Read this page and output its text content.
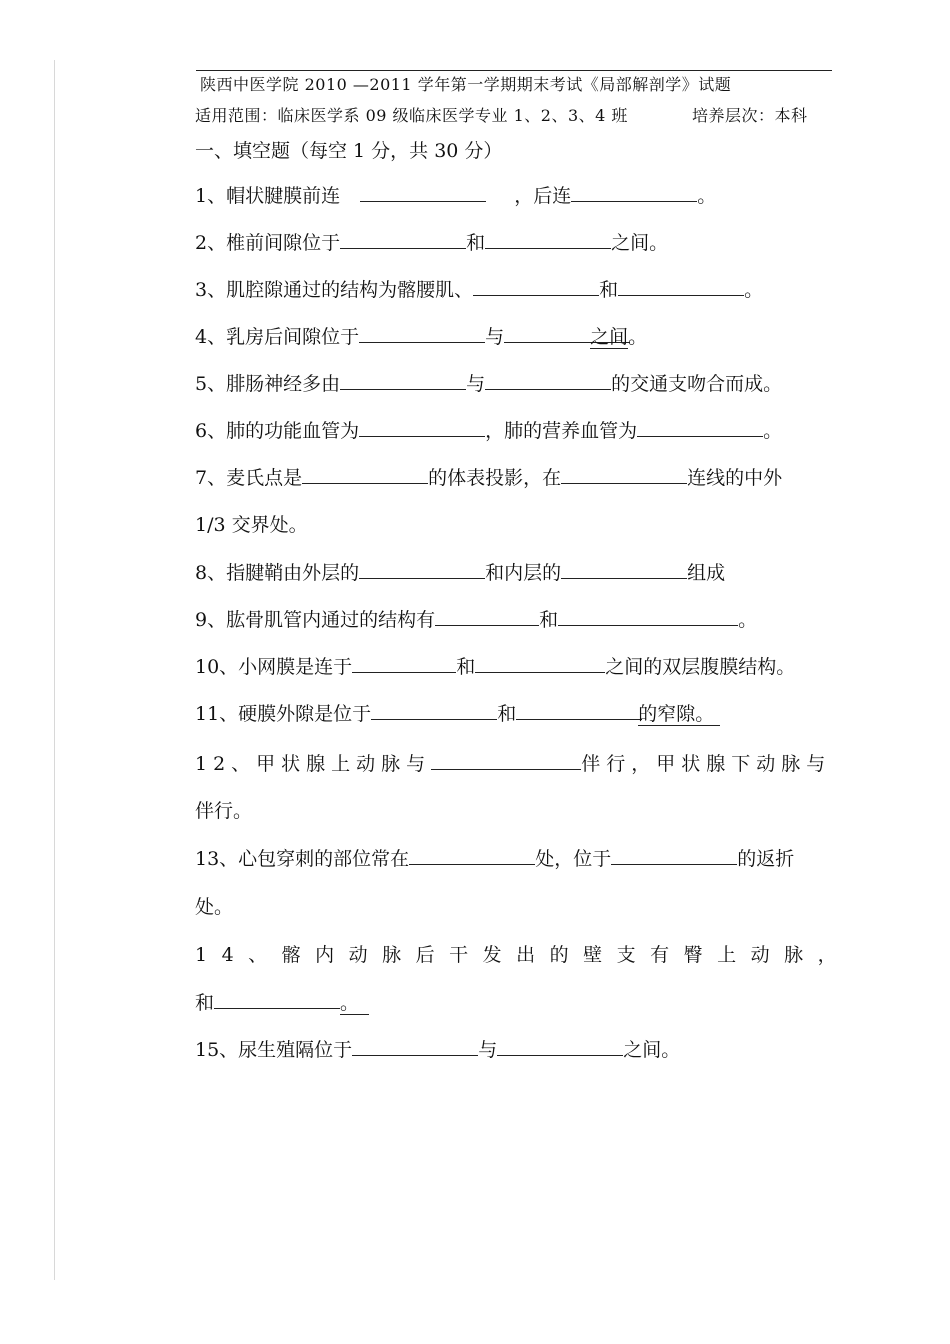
陕西中医学院 2010 —2011 学年第一学期期末考试《局部解剖学》试题
适用范围：临床医学系 09 级临床医学专业 1、2、3、4 班	培养层次：本科
一、填空题（每空 1 分，共 30 分）
1、帽状腱膜前连	，后连	。
2、椎前间隙位于	和	之间。
3、肌腔隙通过的结构为髂腰肌、	和	。
4、乳房后间隙位于	与	之间。
5、腓肠神经多由	与	的交通支吻合而成。
6、肺的功能血管为	，肺的营养血管为	。
7、麦氏点是	的体表投影，在	连线的中外
1/3 交界处。
8、指腱鞘由外层的	和内层的	组成
9、肱骨肌管内通过的结构有	和	。
10、小网膜是连于	和	之间的双层腹膜结构。
11、硬膜外隙是位于	和	的窄隙。
12、甲状腺上动脉与	伴行，甲状腺下动脉与
伴行。
13、心包穿刺的部位常在	处，位于	的返折
处。
14、髂内动脉后干发出的壁支有臀上动脉，
和	。
15、尿生殖隔位于	与	之间。
